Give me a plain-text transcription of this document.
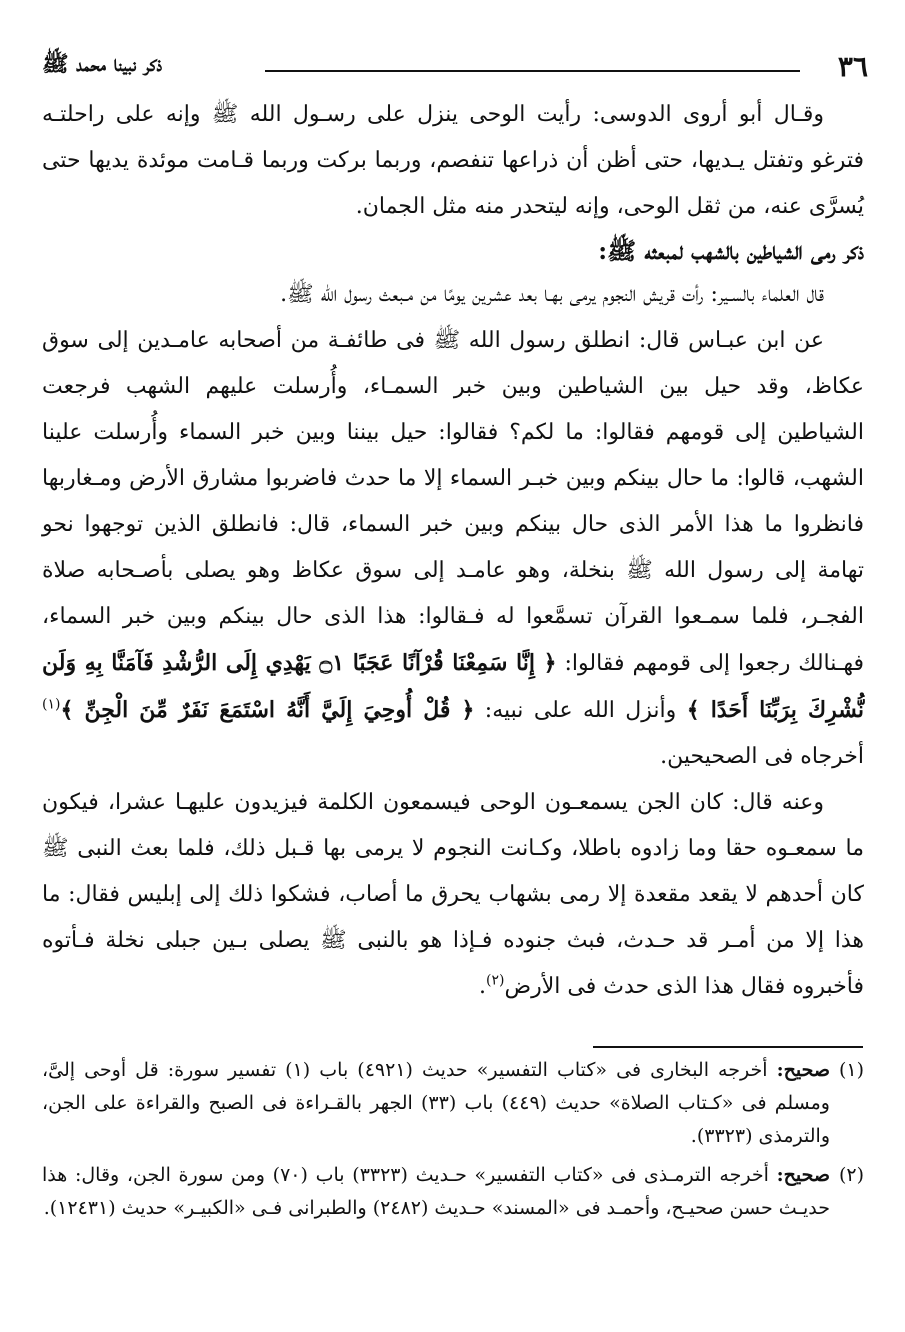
٣٦
ذكر نبينا محمد ﷺ

وقـال أبو أروى الدوسى: رأيت الوحى ينزل على رسـول الله ﷺ وإنه على راحلتـه فترغو وتفتل يـديها، حتى أظن أن ذراعها تنفصم، وربما بركت وربما قـامت موئدة يديها حتى يُسرَّى عنه، من ثقل الوحى، وإنه ليتحدر منه مثل الجمان.

ذكر رمى الشياطين بالشهب لمبعثه ﷺ:

قال العلماء بالسـير: رأت قريش النجوم يرمى بهـا بعد عشرين يومًا من مـبعث رسول الله ﷺ.

عن ابن عبـاس قال: انطلق رسول الله ﷺ فى طائفـة من أصحابه عامـدين إلى سوق عكاظ، وقد حيل بين الشياطين وبين خبر السمـاء، وأُرسلت عليهم الشهب فرجعت الشياطين إلى قومهم فقالوا: ما لكم؟ فقالوا: حيل بيننا وبين خبر السماء وأُرسلت علينا الشهب، قالوا: ما حال بينكم وبين خبـر السماء إلا ما حدث فاضربوا مشارق الأرض ومـغاربها فانظروا ما هذا الأمر الذى حال بينكم وبين خبر السماء، قال: فانطلق الذين توجهوا نحو تهامة إلى رسول الله ﷺ بنخلة، وهو عامـد إلى سوق عكاظ وهو يصلى بأصـحابه صلاة الفجـر، فلما سمـعوا القرآن تسمَّعوا له فـقالوا: هذا الذى حال بينكم وبين خبر السماء، فهـنالك رجعوا إلى قومهم فقالوا: ﴿ إِنَّا سَمِعْنَا قُرْآنًا عَجَبًا ۝١ يَهْدِي إِلَى الرُّشْدِ فَآمَنَّا بِهِ وَلَن نُّشْرِكَ بِرَبِّنَا أَحَدًا ﴾ وأنزل الله على نبيه: ﴿ قُلْ أُوحِيَ إِلَيَّ أَنَّهُ اسْتَمَعَ نَفَرٌ مِّنَ الْجِنِّ ﴾$^{(١)}$ أخرجاه فى الصحيحين.

وعنه قال: كان الجن يسمعـون الوحى فيسمعون الكلمة فيزيدون عليهـا عشرا، فيكون ما سمعـوه حقا وما زادوه باطلا، وكـانت النجوم لا يرمى بها قـبل ذلك، فلما بعث النبى ﷺ كان أحدهم لا يقعد مقعدة إلا رمى بشهاب يحرق ما أصاب، فشكوا ذلك إلى إبليس فقال: ما هذا إلا من أمـر قد حـدث، فبث جنوده فـإذا هو بالنبى ﷺ يصلى بـين جبلى نخلة فـأتوه فأخبروه فقال هذا الذى حدث فى الأرض$^{(٢)}$.

(١)
صحيح: أخرجه البخارى فى «كتاب التفسير» حديث (٤٩٢١) باب (١) تفسير سورة: قل أوحى إلىَّ، ومسلم فى «كـتاب الصلاة» حديث (٤٤٩) باب (٣٣) الجهر بالقـراءة فى الصبح والقراءة على الجن، والترمذى (٣٣٢٣).

(٢)
صحيح: أخرجه الترمـذى فى «كتاب التفسير» حـديث (٣٣٢٣) باب (٧٠) ومن سورة الجن، وقال: هذا حديـث حسن صحيـح، وأحمـد فى «المسند» حـديث (٢٤٨٢) والطبرانى فـى «الكبيـر» حديث (١٢٤٣١).
